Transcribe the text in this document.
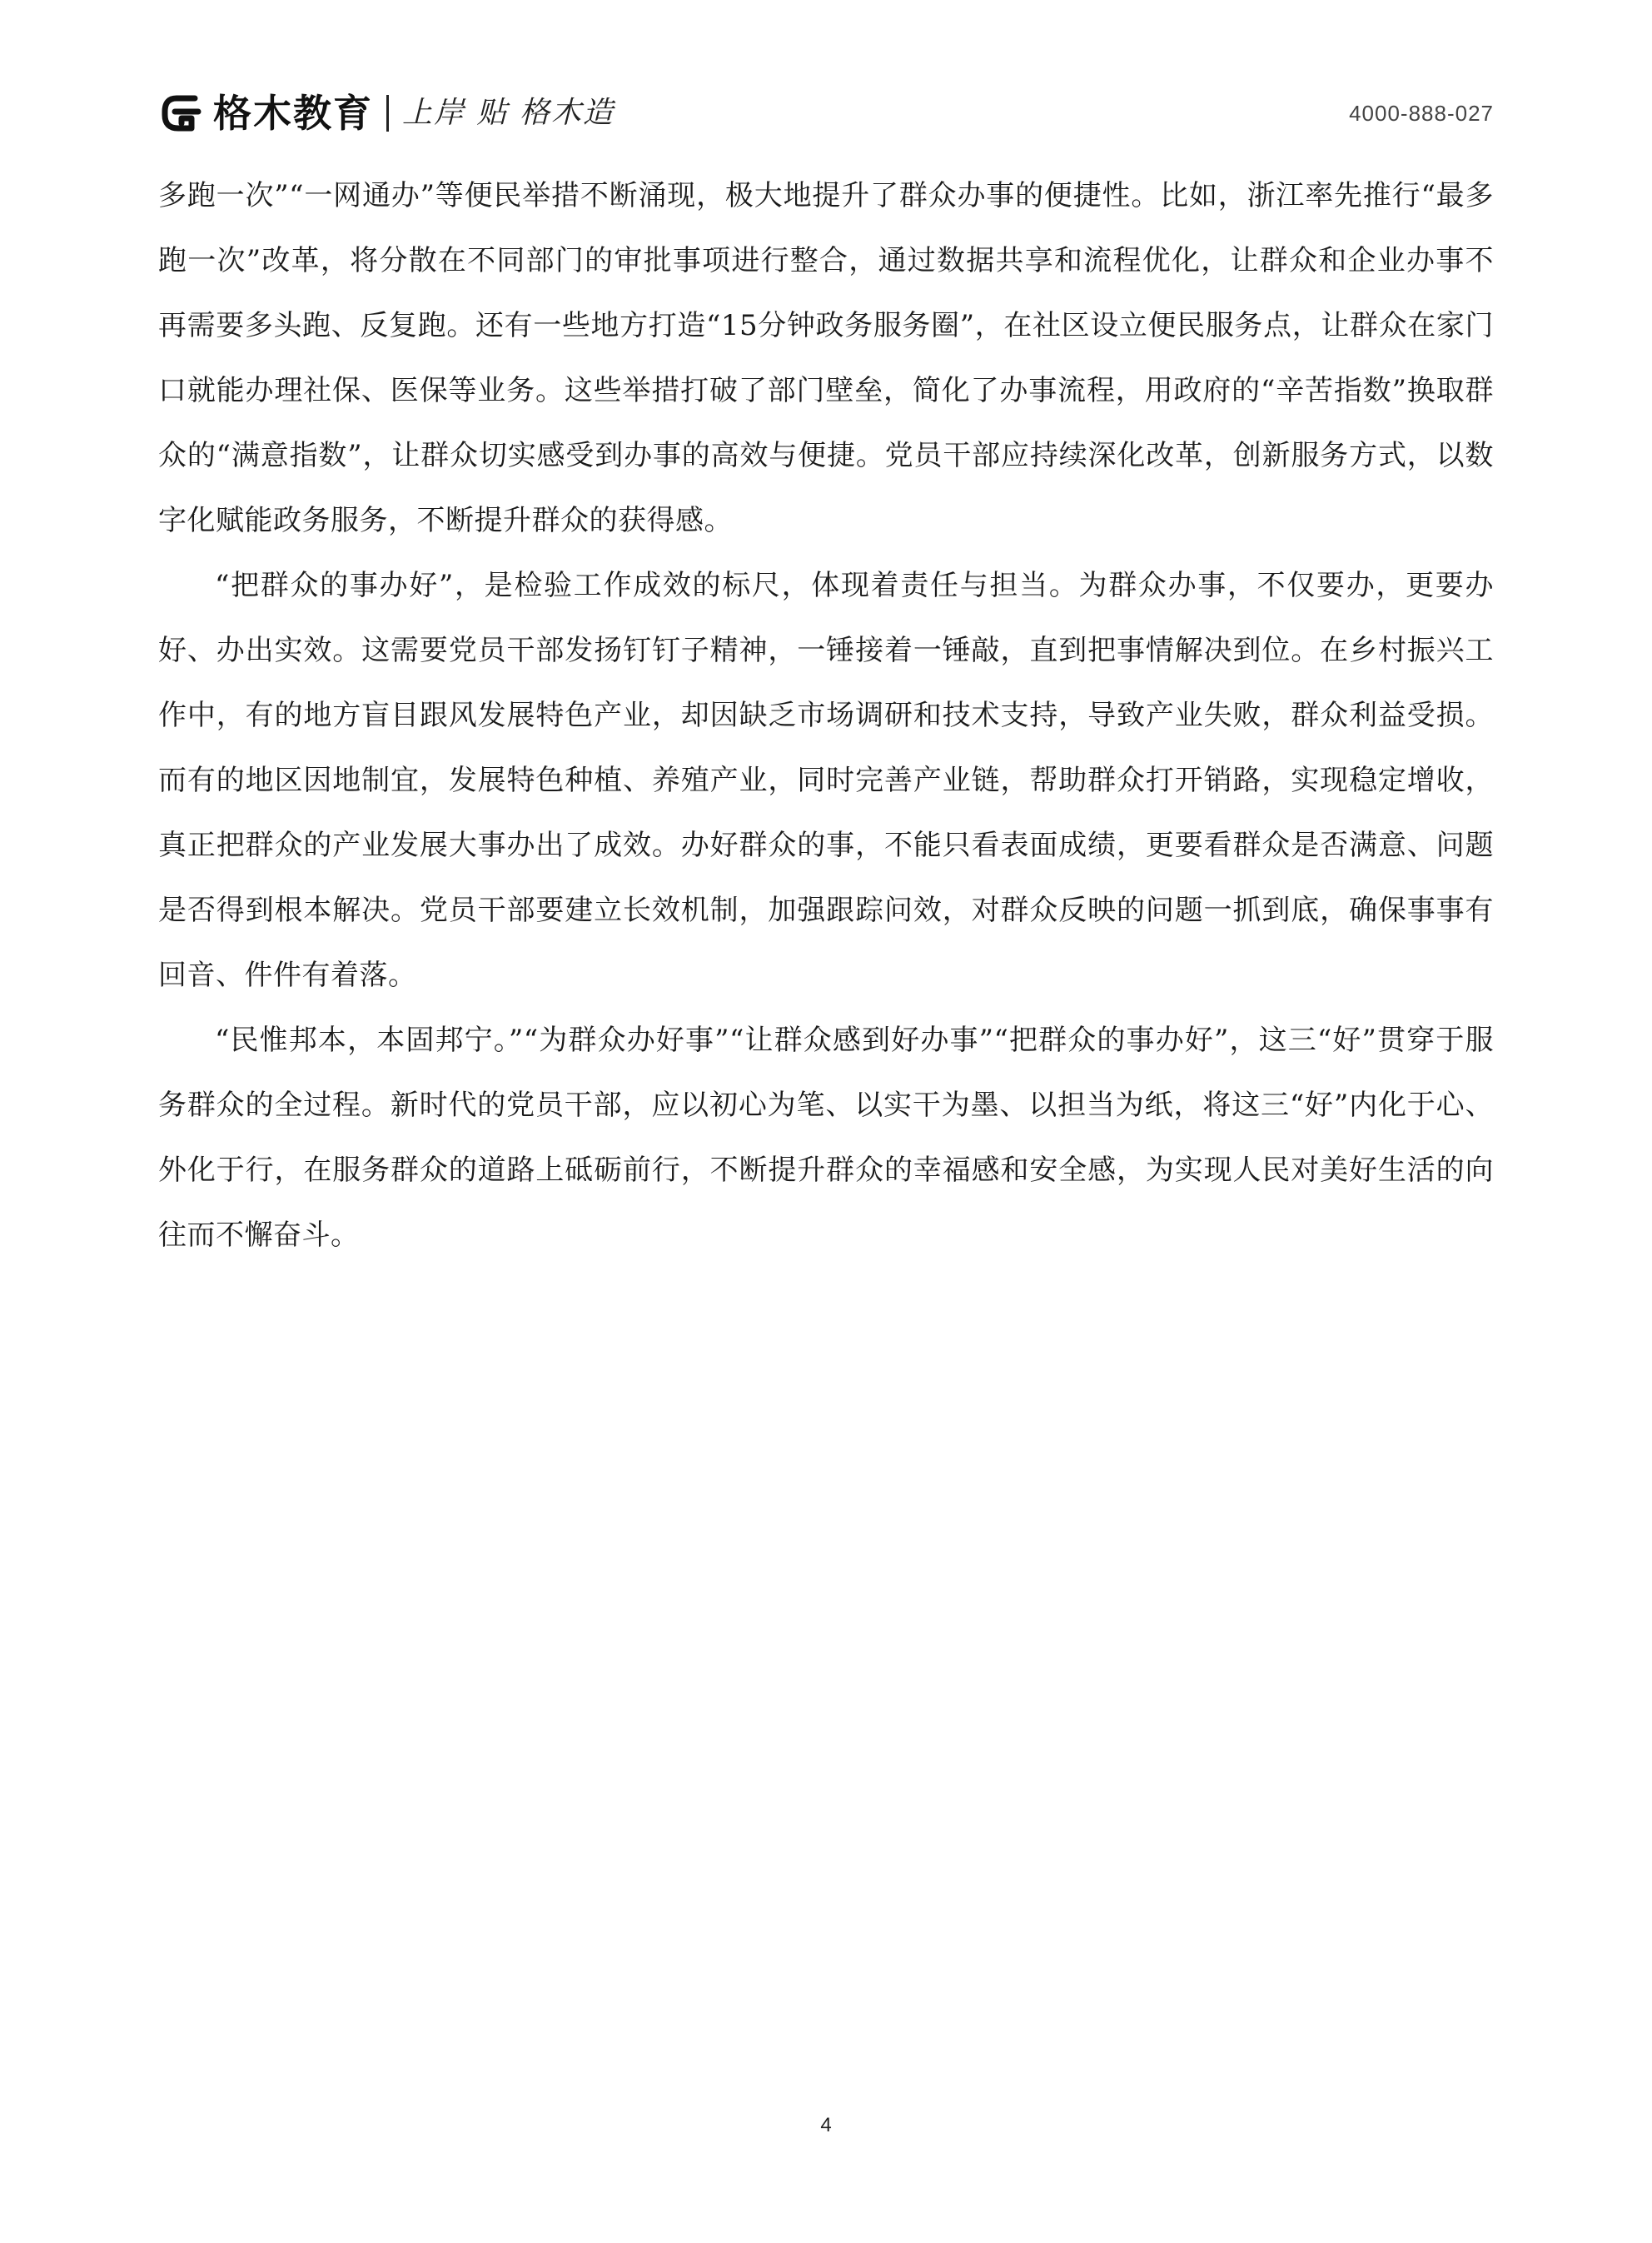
格木教育 上岸 贴 格木造	4000-888-027

多跑一次”“一网通办”等便民举措不断涌现，极大地提升了群众办事的便捷性。比如，浙江率先推行“最多跑一次”改革，将分散在不同部门的审批事项进行整合，通过数据共享和流程优化，让群众和企业办事不再需要多头跑、反复跑。还有一些地方打造“15分钟政务服务圈”，在社区设立便民服务点，让群众在家门口就能办理社保、医保等业务。这些举措打破了部门壁垒，简化了办事流程，用政府的“辛苦指数”换取群众的“满意指数”，让群众切实感受到办事的高效与便捷。党员干部应持续深化改革，创新服务方式，以数字化赋能政务服务，不断提升群众的获得感。

“把群众的事办好”，是检验工作成效的标尺，体现着责任与担当。为群众办事，不仅要办，更要办好、办出实效。这需要党员干部发扬钉钉子精神，一锤接着一锤敲，直到把事情解决到位。在乡村振兴工作中，有的地方盲目跟风发展特色产业，却因缺乏市场调研和技术支持，导致产业失败，群众利益受损。而有的地区因地制宜，发展特色种植、养殖产业，同时完善产业链，帮助群众打开销路，实现稳定增收，真正把群众的产业发展大事办出了成效。办好群众的事，不能只看表面成绩，更要看群众是否满意、问题是否得到根本解决。党员干部要建立长效机制，加强跟踪问效，对群众反映的问题一抓到底，确保事事有回音、件件有着落。

“民惟邦本，本固邦宁。”“为群众办好事”“让群众感到好办事”“把群众的事办好”，这三“好”贯穿于服务群众的全过程。新时代的党员干部，应以初心为笔、以实干为墨、以担当为纸，将这三“好”内化于心、外化于行，在服务群众的道路上砥砺前行，不断提升群众的幸福感和安全感，为实现人民对美好生活的向往而不懈奋斗。

4
